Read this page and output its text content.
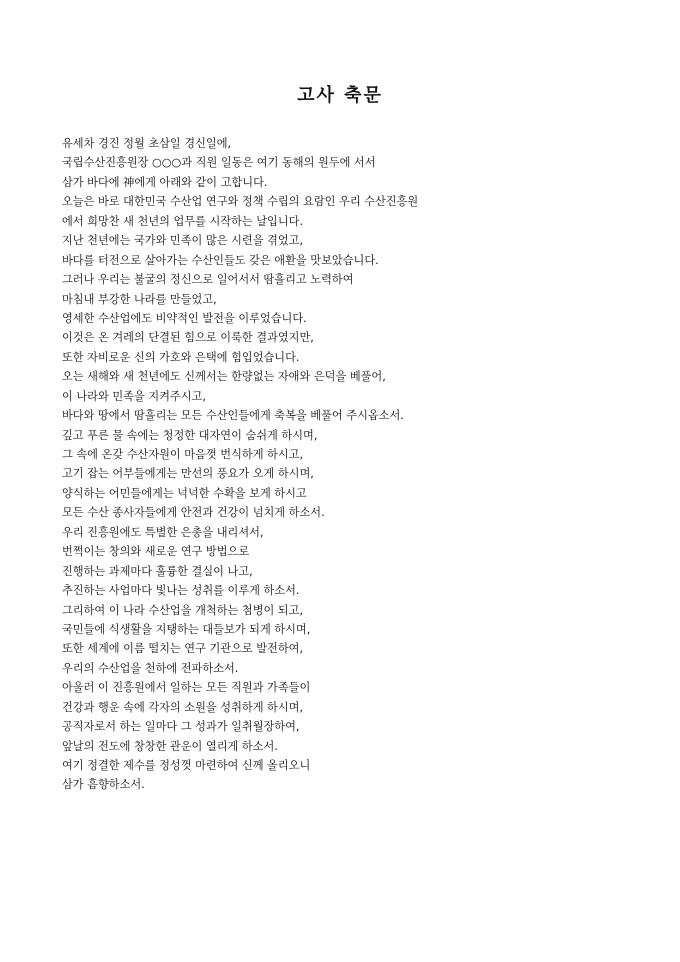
고사 축문
유세차 경진 정월 초삼일 경신일에,
국립수산진흥원장 ○○○과 직원 일동은 여기 동해의 원두에 서서
삼가 바다에 神에게 아래와 같이 고합니다.
오늘은 바로 대한민국 수산업 연구와 정책 수립의 요람인 우리 수산진흥원
에서 희망찬 새 천년의 업무를 시작하는 날입니다.
지난 천년에는 국가와 민족이 많은 시련을 겪었고,
바다를 터전으로 살아가는 수산인들도 갖은 애환을 맛보았습니다.
그러나 우리는 불굴의 정신으로 일어서서 땀흘리고 노력하여
마침내 부강한 나라를 만들었고,
영세한 수산업에도 비약적인 발전을 이루었습니다.
이것은 온 겨레의 단결된 힘으로 이룩한 결과였지만,
또한 자비로운 신의 가호와 은택에 힘입었습니다.
오는 새해와 새 천년에도 신께서는 한량없는 자애와 은덕을 베풀어,
이 나라와 민족을 지켜주시고,
바다와 땅에서 땀흘리는 모든 수산인들에게 축복을 베풀어 주시옵소서.
깊고 푸른 물 속에는 청정한 대자연이 숨쉬게 하시며,
그 속에 온갖 수산자원이 마음껏 번식하게 하시고,
고기 잡는 어부들에게는 만선의 풍요가 오게 하시며,
양식하는 어민들에게는 넉넉한 수확을 보게 하시고
모든 수산 종사자들에게 안전과 건강이 넘치게 하소서.
우리 진흥원에도 특별한 은총을 내리셔서,
번쩍이는 창의와 새로운 연구 방법으로
진행하는 과제마다 훌륭한 결실이 나고,
추진하는 사업마다 빛나는 성취를 이루게 하소서.
그리하여 이 나라 수산업을 개척하는 첨병이 되고,
국민들에 식생활을 지탱하는 대들보가 되게 하시며,
또한 세계에 이름 떨치는 연구 기관으로 발전하여,
우리의 수산업을 천하에 전파하소서.
아울러 이 진흥원에서 일하는 모든 직원과 가족들이
건강과 행운 속에 각자의 소원을 성취하게 하시며,
공직자로서 하는 일마다 그 성과가 일취월장하여,
앞날의 전도에 창창한 관운이 열리게 하소서.
여기 정결한 제수를 정성껏 마련하여 신께 올리오니
삼가 흠향하소서.
